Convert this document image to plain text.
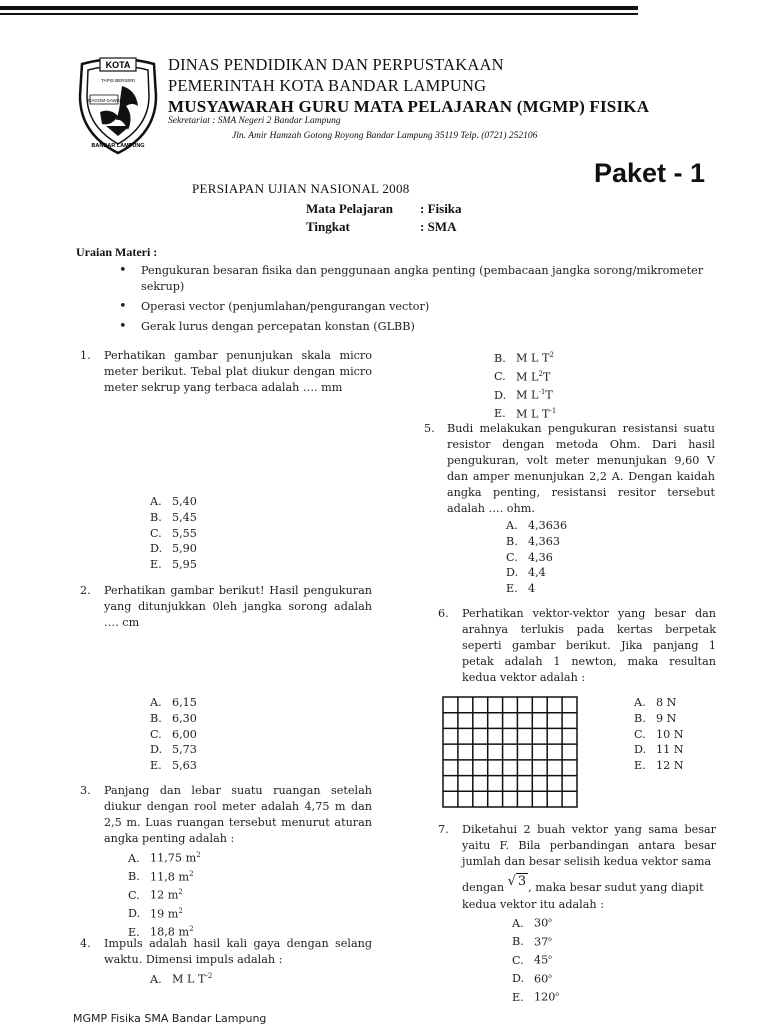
KOTA
TAPIS BERSERI
RAGOM GAWE
BANDAR LAMPUNG
DINAS PENDIDIKAN DAN PERPUSTAKAAN
PEMERINTAH KOTA BANDAR LAMPUNG
MUSYAWARAH GURU MATA PELAJARAN (MGMP) FISIKA
Sekretariat : SMA Negeri 2 Bandar Lampung
Jln. Amir Hamzah Gotong Royong Bandar Lampung 35119 Telp. (0721) 252106
Paket - 1
PERSIAPAN UJIAN NASIONAL 2008
Mata Pelajaran : Fisika
Tingkat	: SMA
Uraian Materi :
• Pengukuran besaran fisika dan penggunaan angka penting (pembacaan jangka sorong/mikrometer sekrup)
• Operasi vector (penjumlahan/pengurangan vector)
• Gerak lurus dengan percepatan konstan (GLBB)
1. Perhatikan gambar penunjukan skala micro meter berikut. Tebal plat diukur dengan micro meter sekrup yang terbaca adalah …. mm
A. 5,40
B. 5,45
C. 5,55
D. 5,90
E. 5,95
2. Perhatikan gambar berikut! Hasil pengukuran yang ditunjukkan 0leh jangka sorong adalah …. cm
A. 6,15
B. 6,30
C. 6,00
D. 5,73
E. 5,63
3. Panjang dan lebar suatu ruangan setelah diukur dengan rool meter adalah 4,75 m dan 2,5 m. Luas ruangan tersebut menurut aturan angka penting adalah :
A. 11,75 $m^2$
B. 11,8 $m^2$
C. 12 $m^2$
D. 19 $m^2$
E. 18,8 $m^2$
4. Impuls adalah hasil kali gaya dengan selang waktu. Dimensi impuls adalah :
A. M L $T^{-2}$
B. M L $T^2$
C. M $L^2T$
D. M $L^{-1}T$
E. M L $T^{-1}$
5. Budi melakukan pengukuran resistansi suatu resistor dengan metoda Ohm. Dari hasil pengukuran, volt meter menunjukan 9,60 V dan amper menunjukan 2,2 A. Dengan kaidah angka penting, resistansi resitor tersebut adalah …. ohm.
A. 4,3636
B. 4,363
C. 4,36
D. 4,4
E. 4
6. Perhatikan vektor-vektor yang besar dan arahnya terlukis pada kertas berpetak seperti gambar berikut. Jika panjang 1 petak adalah 1 newton, maka resultan kedua vektor adalah :
A. 8 N
B. 9 N
C. 10 N
D. 11 N
E. 12 N
7. Diketahui 2 buah vektor yang sama besar yaitu F. Bila perbandingan antara besar jumlah dan besar selisih kedua vektor sama
dengan √ 3 , maka besar sudut yang diapit
kedua vektor itu adalah :
A. 30$^o$
B. 37$^o$
C. 45$^o$
D. 60$^o$
E. 120$^o$
MGMP Fisika SMA Bandar Lampung
